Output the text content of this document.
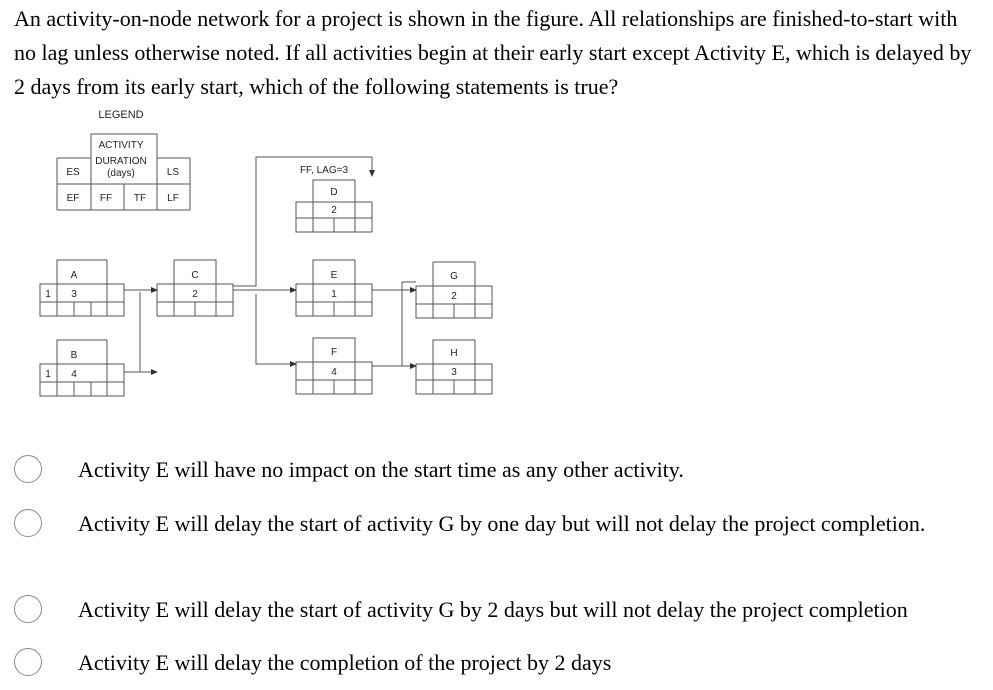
An activity-on-node network for a project is shown in the figure. All relationships are finished-to-start with no lag unless otherwise noted. If all activities begin at their early start except Activity E, which is delayed by 2 days from its early start, which of the following statements is true?
LEGEND
ACTIVITY
DURATION
(days)
ES	LS
EF FF TF LF
A
3
1
B
4
1
C
2
D
2
E
1
F
4
G
2
H
3
FF, LAG=3
Activity E will have no impact on the start time as any other activity.
Activity E will delay the start of activity G by one day but will not delay the project completion.
Activity E will delay the start of activity G by 2 days but will not delay the project completion
Activity E will delay the completion of the project by 2 days
